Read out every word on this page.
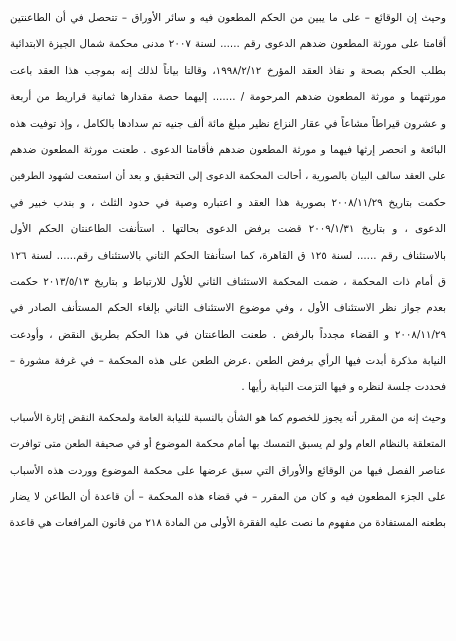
وحيث إن الوقائع – على ما يبين من الحكم المطعون فيه و سائر الأوراق – تتحصل في أن الطاعنتين
أقامتا على مورثة المطعون ضدهم الدعوى رقم ...... لسنة ٢٠٠٧ مدنى محكمة شمال الجيزة الابتدائية
بطلب الحكم بصحة و نفاذ العقد المؤرخ ١٩٩٨/٢/١٢، وقالتا بياناً لذلك إنه بموجب هذا العقد باعت
مورثتهما و مورثة المطعون ضدهم المرحومة / ....... إليهما حصة مقدارها ثمانية قراريط من أربعة
و عشرون قيراطاً مشاعاً في عقار النزاع نظير مبلغ مائة ألف جنيه تم سدادها بالكامل ، وإذ توفيت هذه
البائعة و انحصر إرثها فيهما و مورثة المطعون ضدهم فأقامتا الدعوى . طعنت مورثة المطعون ضدهم
على العقد سالف البيان بالصورية ، أحالت المحكمة الدعوى إلى التحقيق و بعد أن استمعت لشهود الطرفين
حكمت بتاريخ ٢٠٠٨/١١/٢٩ بصورية هذا العقد و اعتباره وصية في حدود الثلث ، و بندب خبير في
الدعوى ، و بتاريخ ٢٠٠٩/١/٣١ قضت برفض الدعوى بحالتها . استأنفت الطاعنتان الحكم الأول
بالاستئناف رقم ...... لسنة ١٢٥ ق القاهرة، كما استأنفتا الحكم الثاني بالاستئناف رقم...... لسنة ١٢٦
ق أمام ذات المحكمة ، ضمت المحكمة الاستئناف الثاني للأول للارتباط و بتاريخ ٢٠١٣/٥/١٣ حكمت
بعدم جواز نظر الاستئناف الأول ، وفي موضوع الاستئناف الثاني بإلغاء الحكم المستأنف الصادر في
٢٠٠٨/١١/٢٩ و القضاء مجدداً بالرفض . طعنت الطاعنتان في هذا الحكم بطريق النقض ، وأودعت
النيابة مذكرة أبدت فيها الرأي برفض الطعن .عرض الطعن على هذه المحكمة – في غرفة مشورة –
فحددت جلسة لنظره و فيها التزمت النيابة رأيها .
وحيث إنه من المقرر أنه يجوز للخصوم كما هو الشأن بالنسبة للنيابة العامة ولمحكمة النقض إثارة الأسباب
المتعلقة بالنظام العام ولو لم يسبق التمسك بها أمام محكمة الموضوع أو في صحيفة الطعن متى توافرت
عناصر الفصل فيها من الوقائع والأوراق التي سبق عرضها على محكمة الموضوع ووردت هذه الأسباب
على الجزء المطعون فيه و كان من المقرر – في قضاء هذه المحكمة – أن قاعدة أن الطاعن لا يضار
بطعنه المستفادة من مفهوم ما نصت عليه الفقرة الأولى من المادة ٢١٨ من قانون المرافعات هي قاعدة
